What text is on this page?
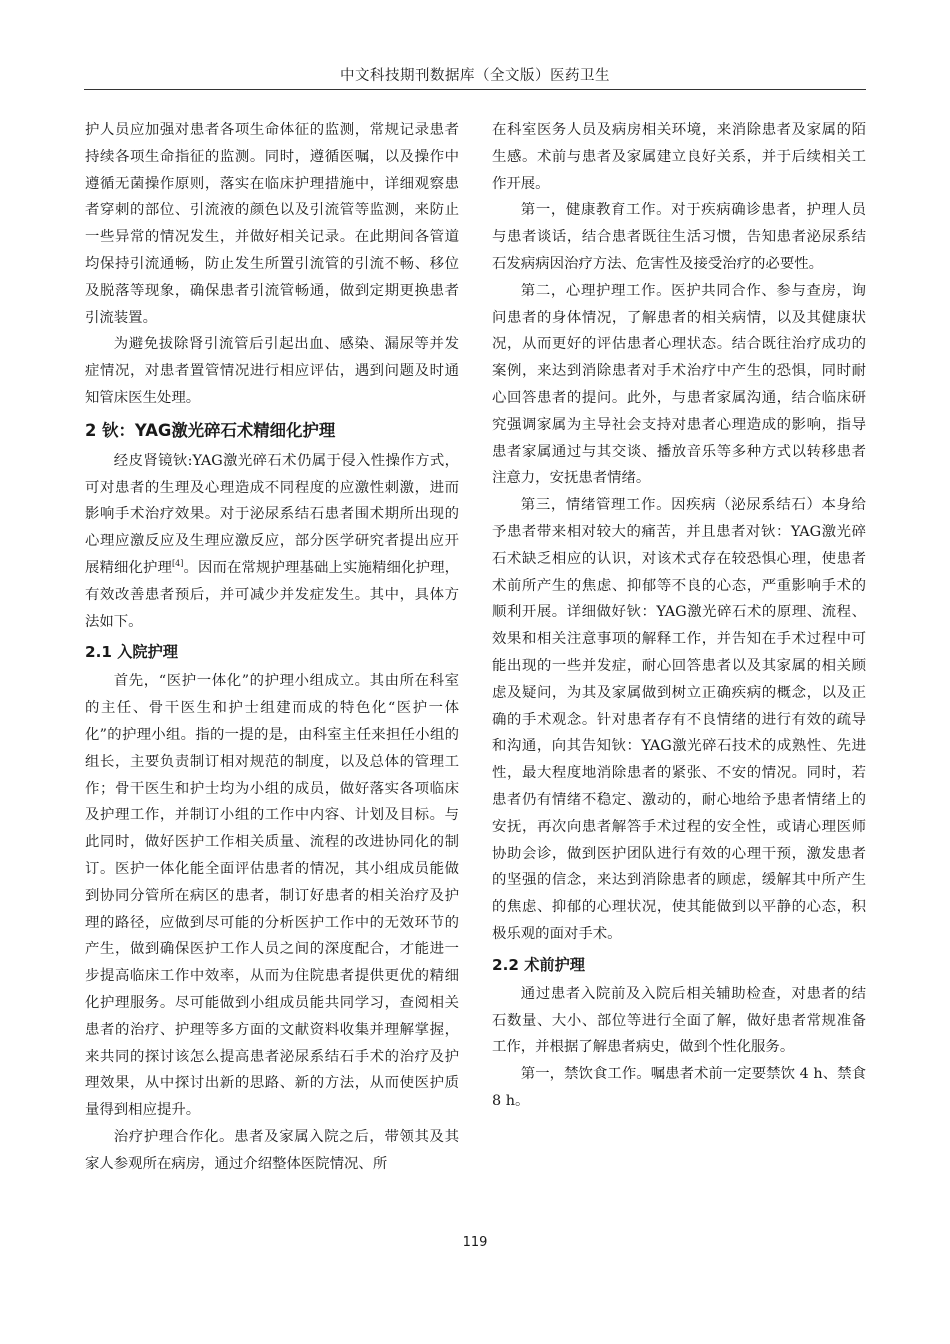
中文科技期刊数据库（全文版）医药卫生

护人员应加强对患者各项生命体征的监测，常规记录患者持续各项生命指征的监测。同时，遵循医嘱，以及操作中遵循无菌操作原则，落实在临床护理措施中，详细观察患者穿刺的部位、引流液的颜色以及引流管等监测，来防止一些异常的情况发生，并做好相关记录。在此期间各管道均保持引流通畅，防止发生所置引流管的引流不畅、移位及脱落等现象，确保患者引流管畅通，做到定期更换患者引流装置。

为避免拔除肾引流管后引起出血、感染、漏尿等并发症情况，对患者置管情况进行相应评估，遇到问题及时通知管床医生处理。

2 钬：YAG激光碎石术精细化护理

经皮肾镜钬:YAG激光碎石术仍属于侵入性操作方式，可对患者的生理及心理造成不同程度的应激性刺激，进而影响手术治疗效果。对于泌尿系结石患者围术期所出现的心理应激反应及生理应激反应，部分医学研究者提出应开展精细化护理[4]。因而在常规护理基础上实施精细化护理，有效改善患者预后，并可减少并发症发生。其中，具体方法如下。

2.1 入院护理

首先，“医护一体化”的护理小组成立。其由所在科室的主任、骨干医生和护士组建而成的特色化“医护一体化”的护理小组。指的一提的是，由科室主任来担任小组的组长，主要负责制订相对规范的制度，以及总体的管理工作；骨干医生和护士均为小组的成员，做好落实各项临床及护理工作，并制订小组的工作中内容、计划及目标。与此同时，做好医护工作相关质量、流程的改进协同化的制订。医护一体化能全面评估患者的情况，其小组成员能做到协同分管所在病区的患者，制订好患者的相关治疗及护理的路径，应做到尽可能的分析医护工作中的无效环节的产生，做到确保医护工作人员之间的深度配合，才能进一步提高临床工作中效率，从而为住院患者提供更优的精细化护理服务。尽可能做到小组成员能共同学习，查阅相关患者的治疗、护理等多方面的文献资料收集并理解掌握，来共同的探讨该怎么提高患者泌尿系结石手术的治疗及护理效果，从中探讨出新的思路、新的方法，从而使医护质量得到相应提升。

治疗护理合作化。患者及家属入院之后，带领其及其家人参观所在病房，通过介绍整体医院情况、所

在科室医务人员及病房相关环境，来消除患者及家属的陌生感。术前与患者及家属建立良好关系，并于后续相关工作开展。

第一，健康教育工作。对于疾病确诊患者，护理人员与患者谈话，结合患者既往生活习惯，告知患者泌尿系结石发病病因治疗方法、危害性及接受治疗的必要性。

第二，心理护理工作。医护共同合作、参与查房，询问患者的身体情况，了解患者的相关病情，以及其健康状况，从而更好的评估患者心理状态。结合既往治疗成功的案例，来达到消除患者对手术治疗中产生的恐惧，同时耐心回答患者的提问。此外，与患者家属沟通，结合临床研究强调家属为主导社会支持对患者心理造成的影响，指导患者家属通过与其交谈、播放音乐等多种方式以转移患者注意力，安抚患者情绪。

第三，情绪管理工作。因疾病（泌尿系结石）本身给予患者带来相对较大的痛苦，并且患者对钬：YAG激光碎石术缺乏相应的认识，对该术式存在较恐惧心理，使患者术前所产生的焦虑、抑郁等不良的心态，严重影响手术的顺利开展。详细做好钬：YAG激光碎石术的原理、流程、效果和相关注意事项的解释工作，并告知在手术过程中可能出现的一些并发症，耐心回答患者以及其家属的相关顾虑及疑问，为其及家属做到树立正确疾病的概念，以及正确的手术观念。针对患者存有不良情绪的进行有效的疏导和沟通，向其告知钬：YAG激光碎石技术的成熟性、先进性，最大程度地消除患者的紧张、不安的情况。同时，若患者仍有情绪不稳定、激动的，耐心地给予患者情绪上的安抚，再次向患者解答手术过程的安全性，或请心理医师协助会诊，做到医护团队进行有效的心理干预，激发患者的坚强的信念，来达到消除患者的顾虑，缓解其中所产生的焦虑、抑郁的心理状况，使其能做到以平静的心态，积极乐观的面对手术。

2.2 术前护理

通过患者入院前及入院后相关辅助检查，对患者的结石数量、大小、部位等进行全面了解，做好患者常规准备工作，并根据了解患者病史，做到个性化服务。

第一，禁饮食工作。嘱患者术前一定要禁饮 4 h、禁食 8 h。

119
